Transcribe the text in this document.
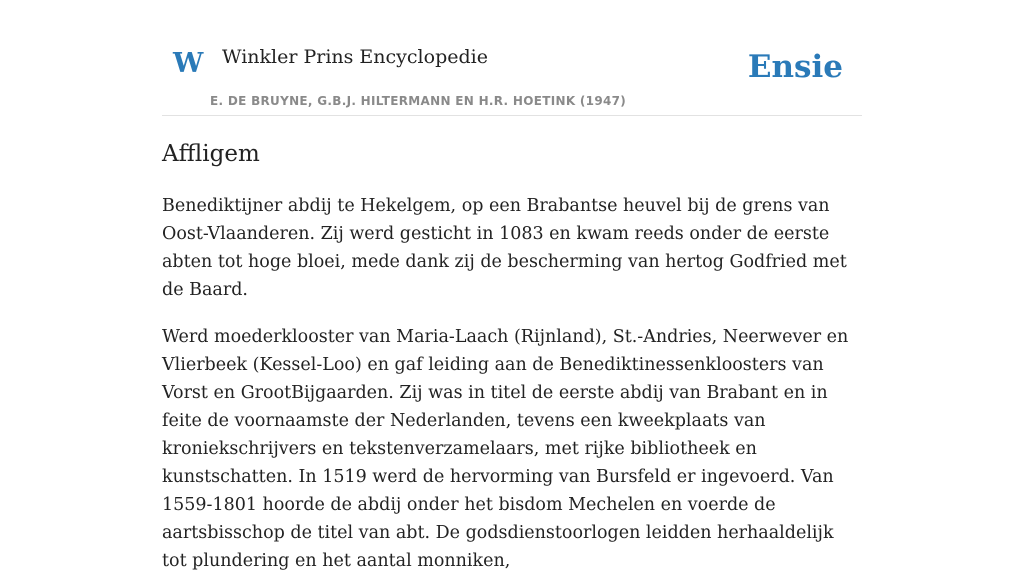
W Winkler Prins Encyclopedie
E. DE BRUYNE, G.B.J. HILTERMANN EN H.R. HOETINK (1947)
Ensie
Affligem

Benediktijner abdij te Hekelgem, op een Brabantse heuvel bij de grens van Oost-Vlaanderen. Zij werd gesticht in 1083 en kwam reeds onder de eerste abten tot hoge bloei, mede dank zij de bescherming van hertog Godfried met de Baard.

Werd moederklooster van Maria-Laach (Rijnland), St.-Andries, Neerwever en Vlierbeek (Kessel-Loo) en gaf leiding aan de Benediktinessenkloosters van Vorst en GrootBijgaarden. Zij was in titel de eerste abdij van Brabant en in feite de voornaamste der Nederlanden, tevens een kweekplaats van kroniekschrijvers en tekstenverzamelaars, met rijke bibliotheek en kunstschatten. In 1519 werd de hervorming van Bursfeld er ingevoerd. Van 1559-1801 hoorde de abdij onder het bisdom Mechelen en voerde de aartsbisschop de titel van abt. De godsdienstoorlogen leidden herhaaldelijk tot plundering en het aantal monniken,
